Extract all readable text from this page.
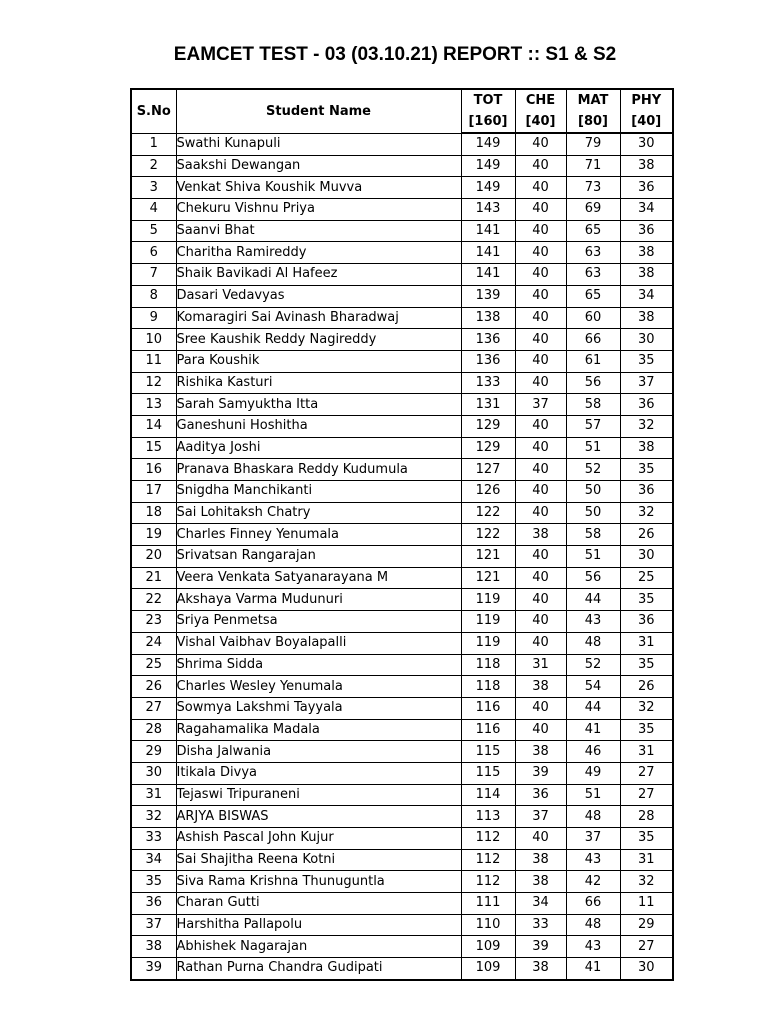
EAMCET TEST - 03 (03.10.21) REPORT :: S1 & S2
S.No	Student Name	TOT	CHE	MAT	PHY
		[160]	[40]	[80]	[40]
1	Swathi Kunapuli	149	40	79	30
2	Saakshi Dewangan	149	40	71	38
3	Venkat Shiva Koushik Muvva	149	40	73	36
4	Chekuru Vishnu Priya	143	40	69	34
5	Saanvi Bhat	141	40	65	36
6	Charitha Ramireddy	141	40	63	38
7	Shaik Bavikadi Al Hafeez	141	40	63	38
8	Dasari Vedavyas	139	40	65	34
9	Komaragiri Sai Avinash Bharadwaj	138	40	60	38
10	Sree Kaushik Reddy Nagireddy	136	40	66	30
11	Para Koushik	136	40	61	35
12	Rishika Kasturi	133	40	56	37
13	Sarah Samyuktha Itta	131	37	58	36
14	Ganeshuni Hoshitha	129	40	57	32
15	Aaditya Joshi	129	40	51	38
16	Pranava Bhaskara Reddy Kudumula	127	40	52	35
17	Snigdha Manchikanti	126	40	50	36
18	Sai Lohitaksh Chatry	122	40	50	32
19	Charles Finney Yenumala	122	38	58	26
20	Srivatsan Rangarajan	121	40	51	30
21	Veera Venkata Satyanarayana M	121	40	56	25
22	Akshaya Varma Mudunuri	119	40	44	35
23	Sriya Penmetsa	119	40	43	36
24	Vishal Vaibhav Boyalapalli	119	40	48	31
25	Shrima Sidda	118	31	52	35
26	Charles Wesley Yenumala	118	38	54	26
27	Sowmya Lakshmi Tayyala	116	40	44	32
28	Ragahamalika Madala	116	40	41	35
29	Disha Jalwania	115	38	46	31
30	Itikala Divya	115	39	49	27
31	Tejaswi Tripuraneni	114	36	51	27
32	ARJYA BISWAS	113	37	48	28
33	Ashish Pascal John Kujur	112	40	37	35
34	Sai Shajitha Reena Kotni	112	38	43	31
35	Siva Rama Krishna Thunuguntla	112	38	42	32
36	Charan Gutti	111	34	66	11
37	Harshitha Pallapolu	110	33	48	29
38	Abhishek Nagarajan	109	39	43	27
39	Rathan Purna Chandra Gudipati	109	38	41	30
